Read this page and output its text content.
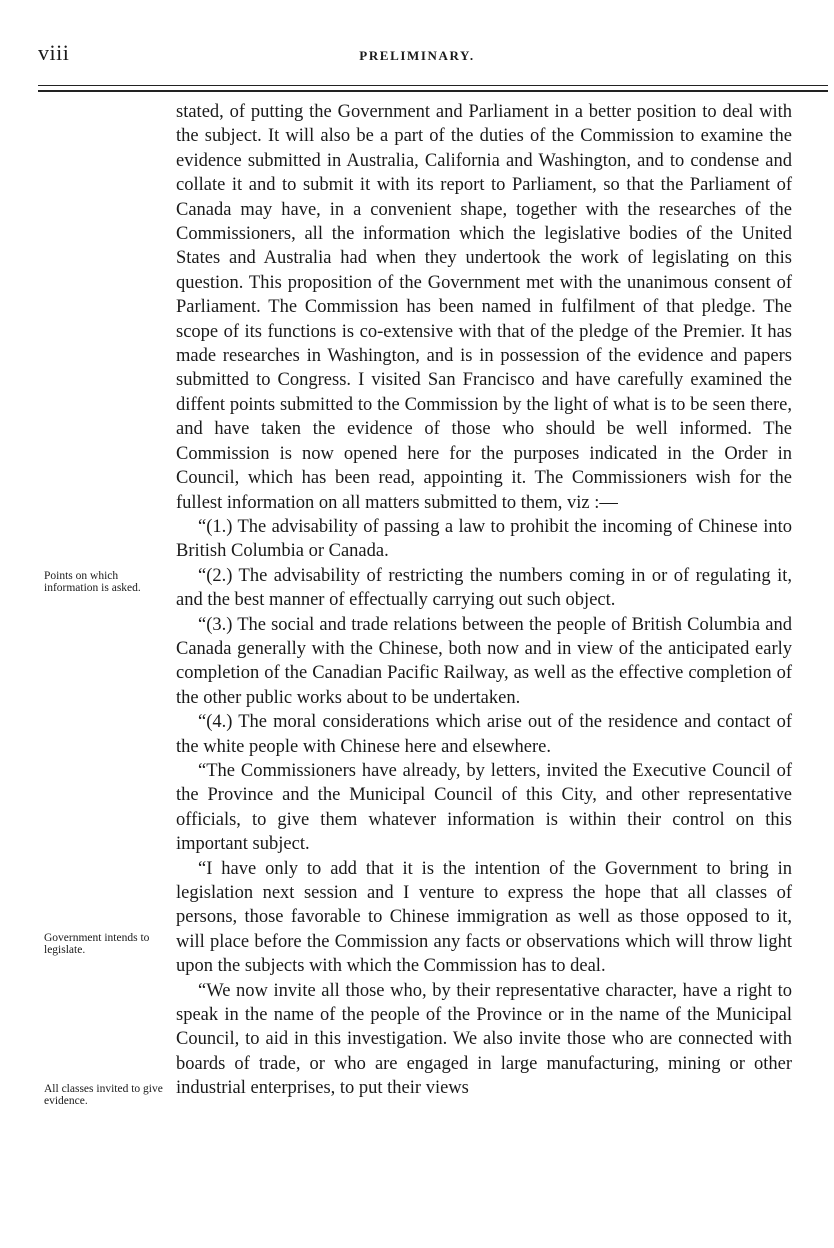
viii	PRELIMINARY.
Points on which information is asked.
Government intends to legislate.
All classes invited to give evidence.

stated, of putting the Government and Parliament in a better position to deal with the subject. It will also be a part of the duties of the Commission to examine the evidence submitted in Australia, California and Washington, and to condense and collate it and to submit it with its report to Parliament, so that the Parliament of Canada may have, in a convenient shape, together with the researches of the Commissioners, all the information which the legislative bodies of the United States and Australia had when they undertook the work of legislating on this question. This proposition of the Government met with the unanimous consent of Parliament. The Commission has been named in fulfilment of that pledge. The scope of its functions is co-extensive with that of the pledge of the Premier. It has made researches in Washington, and is in possession of the evidence and papers submitted to Congress. I visited San Francisco and have carefully examined the diffent points submitted to the Commission by the light of what is to be seen there, and have taken the evidence of those who should be well informed. The Commission is now opened here for the purposes indicated in the Order in Council, which has been read, appointing it. The Commissioners wish for the fullest information on all matters submitted to them, viz :—

“(1.) The advisability of passing a law to prohibit the incoming of Chinese into British Columbia or Canada.

“(2.) The advisability of restricting the numbers coming in or of regulating it, and the best manner of effectually carrying out such object.

“(3.) The social and trade relations between the people of British Columbia and Canada generally with the Chinese, both now and in view of the anticipated early completion of the Canadian Pacific Railway, as well as the effective completion of the other public works about to be undertaken.

“(4.) The moral considerations which arise out of the residence and contact of the white people with Chinese here and elsewhere.

“The Commissioners have already, by letters, invited the Executive Council of the Province and the Municipal Council of this City, and other representative officials, to give them whatever information is within their control on this important subject.

“I have only to add that it is the intention of the Government to bring in legislation next session and I venture to express the hope that all classes of persons, those favorable to Chinese immigration as well as those opposed to it, will place before the Commission any facts or observations which will throw light upon the subjects with which the Commission has to deal.

“We now invite all those who, by their representative character, have a right to speak in the name of the people of the Province or in the name of the Municipal Council, to aid in this investigation. We also invite those who are connected with boards of trade, or who are engaged in large manufacturing, mining or other industrial enterprises, to put their views
